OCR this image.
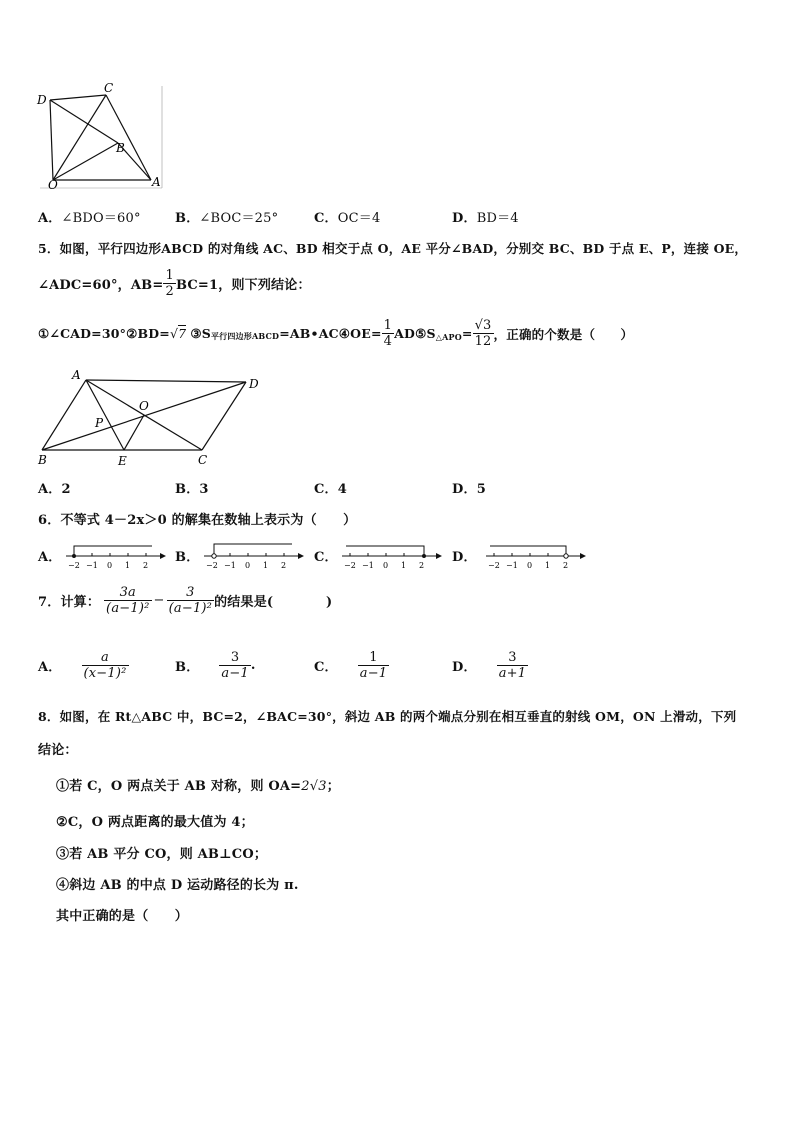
D
C
B
O	A
A．∠BDO＝60°	B．∠BOC＝25°	C．OC＝4	D．BD＝4
5．如图，平行四边形ABCD 的对角线 AC、BD 相交于点 O，AE 平分∠BAD，分别交 BC、BD 于点 E、P，连接 OE，
∠ADC=60°，$AB= \frac{1}{2} BC=1$，则下列结论：
①∠CAD=30°②BD= √7 ③S 平行四边形ABCD =AB•AC④OE= $\frac{1}{4}$ AD⑤S △APO = $\frac{√3}{12}$ ，正确的个数是（　　）
A
D
O
P
B	E	C
A．2	B．3	C．4	D．5
6．不等式 4－2x＞0 的解集在数轴上表示为（　　）
A．
−2 −1 0 1 2
B．
−2 −1 0 1 2
C．
−2 −1 0 1 2
D．
−2 −1 0 1 2
7．计算： $\frac{3a}{\text{(a−1)²}} - \frac{3}{\text{(a−1)²}}$ 的结果是(　　　　)
A． $\frac{a}{\text{(x−1)²}}$	B． $\frac{3}{a-1}$ .	C． $\frac{1}{a-1}$	D． $\frac{3}{a+1}$
8．如图，在 Rt△ABC 中，BC=2，∠BAC=30°，斜边 AB 的两个端点分别在相互垂直的射线 OM，ON 上滑动，下列
结论：
①若 C，O 两点关于 AB 对称，则 OA=2√3；
②C，O 两点距离的最大值为 4；
③若 AB 平分 CO，则 AB⊥CO；
④斜边 AB 的中点 D 运动路径的长为 π.
其中正确的是（　　）
